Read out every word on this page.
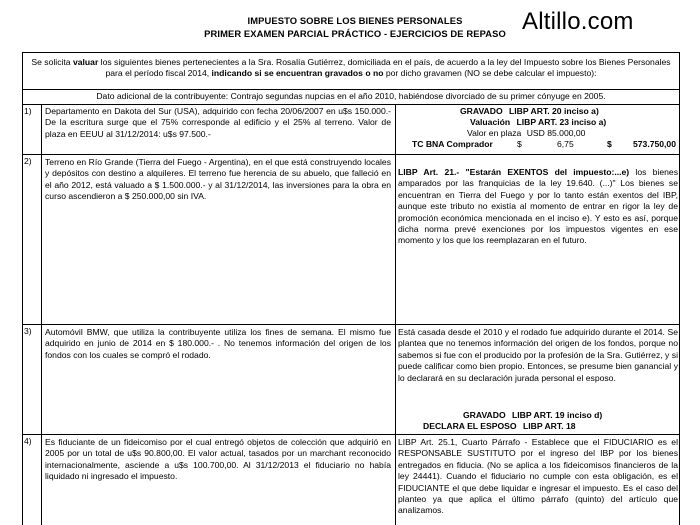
IMPUESTO SOBRE LOS BIENES PERSONALES
PRIMER EXAMEN PARCIAL PRÁCTICO - EJERCICIOS DE REPASO Altillo.com
Se solicita valuar los siguientes bienes pertenecientes a la Sra. Rosalía Gutiérrez, domiciliada en el país, de acuerdo a la ley del Impuesto sobre los Bienes Personales para el período fiscal 2014, indicando si se encuentran gravados o no por dicho gravamen (NO se debe calcular el impuesto):
Dato adicional de la contribuyente: Contrajo segundas nupcias en el año 2010, habiéndose divorciado de su primer cónyuge en 2005.
1)	Departamento en Dakota del Sur (USA), adquirido con fecha 20/06/2007 en u$s 150.000.- De la escritura surge que el 75% corresponde al edificio y el 25% al terreno. Valor de plaza en EEUU al 31/12/2014: u$s 97.500.-
GRAVADO LIBP ART. 20 inciso a)
Valuación LIBP ART. 23 inciso a)
Valor en plaza USD 85.000,00
TC BNA Comprador	$	6,75	$ 573.750,00
2)	Terreno en Río Grande (Tierra del Fuego - Argentina), en el que está construyendo locales y depósitos con destino a alquileres. El terreno fue herencia de su abuelo, que falleció en el año 2012, está valuado a $ 1.500.000.- y al 31/12/2014, las inversiones para la obra en curso ascendieron a $ 250.000,00 sin IVA.
LIBP Art. 21.- "Estarán EXENTOS del impuesto:...e) los bienes amparados por las franquicias de la ley 19.640. (...)" Los bienes se encuentran en Tierra del Fuego y por lo tanto están exentos del IBP, aunque este tributo no existía al momento de entrar en rigor la ley de promoción económica mencionada en el inciso e). Y esto es así, porque dicha norma prevé exenciones por los impuestos vigentes en ese momento y los que los reemplazaran en el futuro.
3)	Automóvil BMW, que utiliza la contribuyente utiliza los fines de semana. El mismo fue adquirido en junio de 2014 en $ 180.000.- . No tenemos información del origen de los fondos con los cuales se compró el rodado.
Está casada desde el 2010 y el rodado fue adquirido durante el 2014. Se plantea que no tenemos información del origen de los fondos, porque no sabemos si fue con el producido por la profesión de la Sra. Gutiérrez, y si puede calificar como bien propio. Entonces, se presume bien ganancial y lo declarará en su declaración jurada personal el esposo.
GRAVADO LIBP ART. 19 inciso d)
DECLARA EL ESPOSO LIBP ART. 18
4)	Es fiduciante de un fideicomiso por el cual entregó objetos de colección que adquirió en 2005 por un total de u$s 90.800,00. El valor actual, tasados por un marchant reconocido internacionalmente, asciende a u$s 100.700,00. Al 31/12/2013 el fiduciario no había liquidado ni ingresado el impuesto.
LIBP Art. 25.1, Cuarto Párrafo - Establece que el FIDUCIARIO es el RESPONSABLE SUSTITUTO por el ingreso del IBP por los bienes entregados en fiducia. (No se aplica a los fideicomisos financieros de la ley 24441). Cuando el fiduciario no cumple con esta obligación, es el FIDUCIANTE el que debe liquidar e ingresar el impuesto. Es el caso del planteo ya que aplica el último párrafo (quinto) del artículo que analizamos.
